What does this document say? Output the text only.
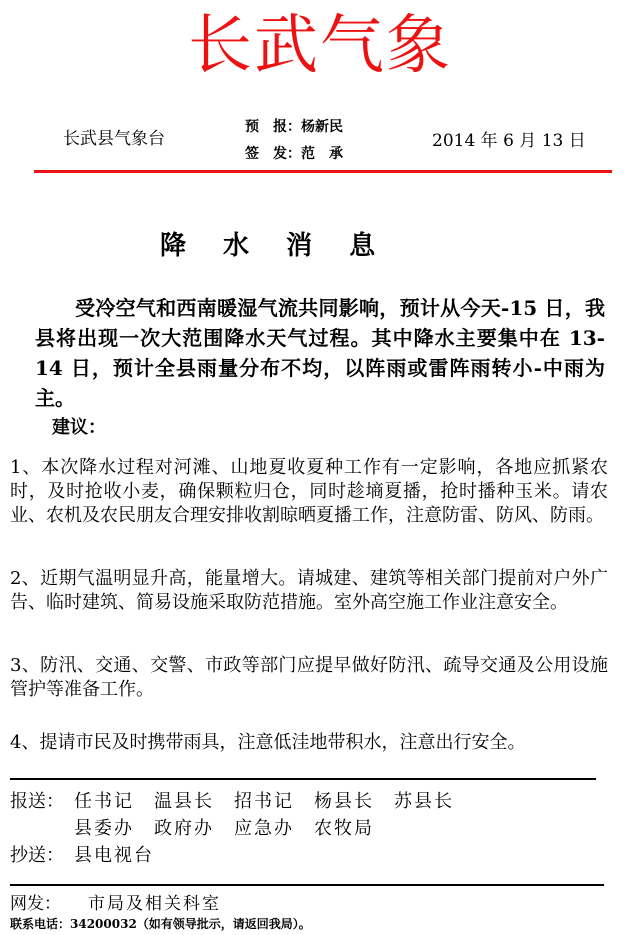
长武气象
长武县气象台
预　报：杨新民
签　发：范　承
2014 年 6 月 13 日
降 水 消 息
受冷空气和西南暖湿气流共同影响，预计从今天-15 日，我县将出现一次大范围降水天气过程。其中降水主要集中在 13-14 日，预计全县雨量分布不均，以阵雨或雷阵雨转小-中雨为主。
建议：
1、本次降水过程对河滩、山地夏收夏种工作有一定影响，各地应抓紧农时，及时抢收小麦，确保颗粒归仓，同时趁墒夏播，抢时播种玉米。请农业、农机及农民朋友合理安排收割晾晒夏播工作，注意防雷、防风、防雨。
2、近期气温明显升高，能量增大。请城建、建筑等相关部门提前对户外广告、临时建筑、简易设施采取防范措施。室外高空施工作业注意安全。
3、防汛、交通、交警、市政等部门应提早做好防汛、疏导交通及公用设施管护等准备工作。
4、提请市民及时携带雨具，注意低洼地带积水，注意出行安全。
报送： 任书记　温县长　招书记　杨县长　苏县长
县委办　政府办　应急办　农牧局
抄送： 县电视台
网发： 市局及相关科室
联系电话：34200032（如有领导批示，请返回我局）。
